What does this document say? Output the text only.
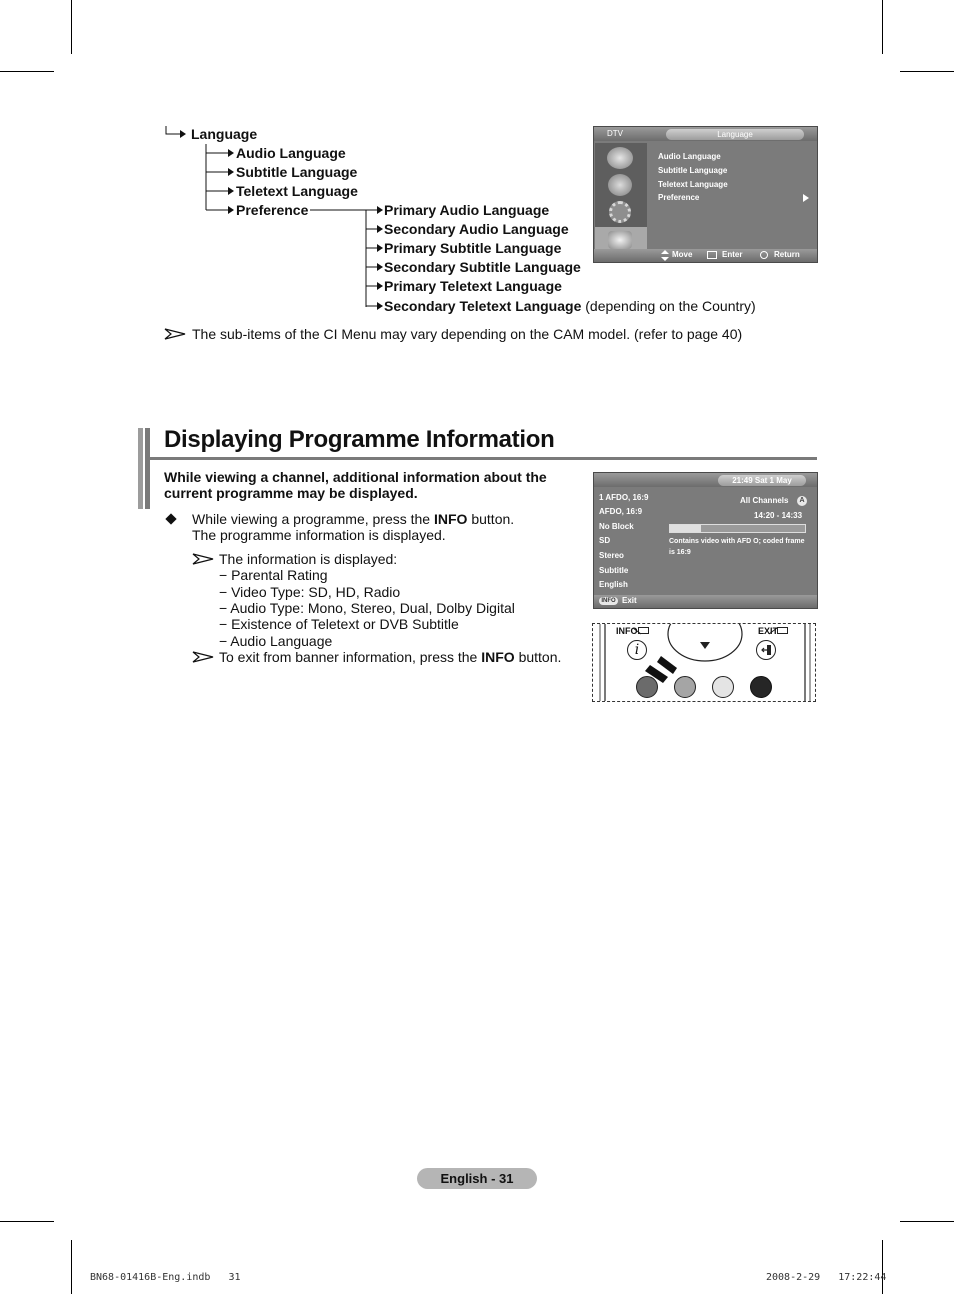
Language
Audio Language
Subtitle Language
Teletext Language
Preference	Primary Audio Language
Secondary Audio Language
Primary Subtitle Language
Secondary Subtitle Language
Primary Teletext Language
Secondary Teletext Language (depending on the Country)
The sub-items of the CI Menu may vary depending on the CAM model. (refer to page 40)
DTV	Language
Audio Language
Subtitle Language
Teletext Language
Preference
Move	Enter	Return
Displaying Programme Information
While viewing a channel, additional information about the
current programme may be displayed.
While viewing a programme, press the INFO button.
The programme information is displayed.
The information is displayed:
− Parental Rating
− Video Type: SD, HD, Radio
− Audio Type: Mono, Stereo, Dual, Dolby Digital
− Existence of Teletext or DVB Subtitle
− Audio Language
To exit from banner information, press the INFO button.
21:49 Sat 1 May
1 AFDO, 16:9
AFDO, 16:9
No Block
SD
Stereo
Subtitle
English
All Channels	A
14:20 - 14:33
Contains video with AFD O; coded frame
is 16:9
INFO Exit
i
INFO	EXIT
English - 31
BN68-01416B-Eng.indb   31	2008-2-29   17:22:44
